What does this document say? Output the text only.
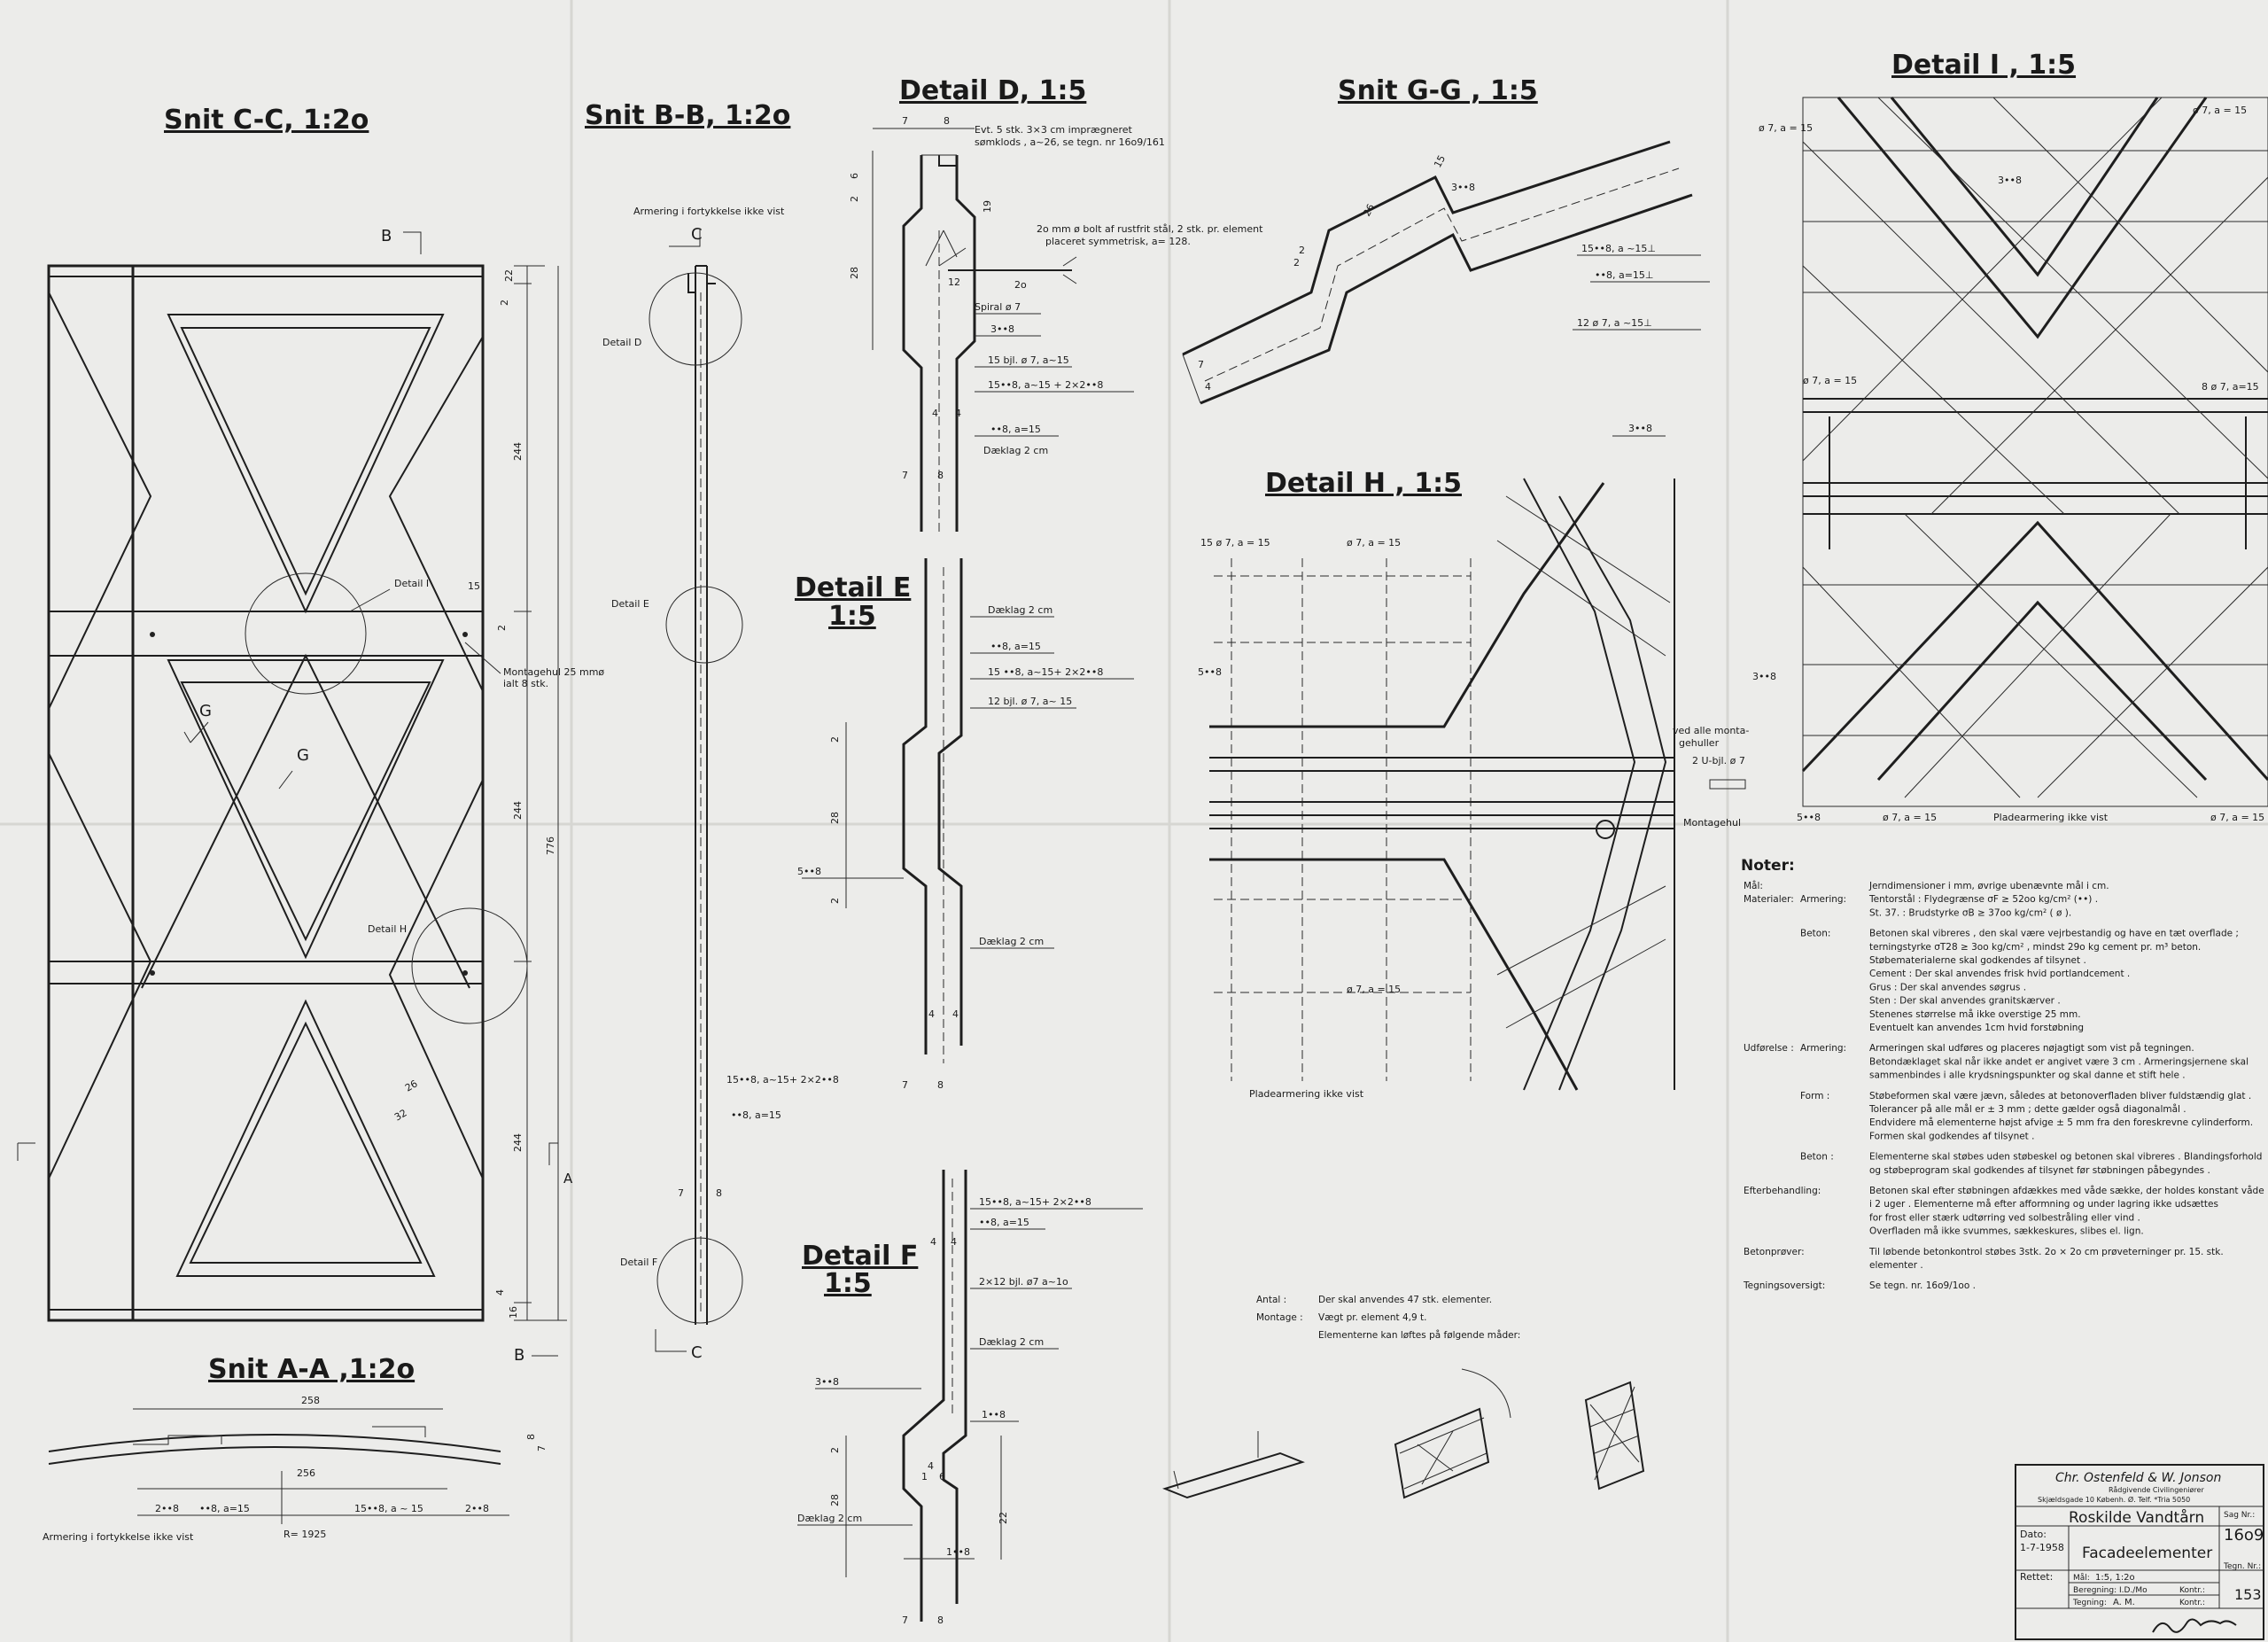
Snit C-C, 1:2o
B
Detail I
Detail H
Montagehul 25 mmø
ialt 8 stk.
G
G
A
22
2
244
15
2
244
776
244
4
16
26
32
B
Snit A-A ,1:2o
258
256
2••8 ••8, a=15	15••8, a ~ 15	2••8
Armering i fortykkelse ikke vist	R= 1925
8
7
Snit B-B, 1:2o
Armering i fortykkelse ikke vist
C
Detail D
Detail E
Detail F
15••8, a~15+ 2×2••8
••8, a=15
7	8
C
Detail D, 1:5
Evt. 5 stk. 3×3 cm imprægneret
sømklods , a~26, se tegn. nr 16o9/161
2o mm ø bolt af rustfrit stål, 2 stk. pr. element
placeret symmetrisk, a= 128.
Spiral ø 7
3••8
15 bjl. ø 7, a~15
15••8, a~15 + 2×2••8
••8, a=15
Dæklag 2 cm
7	8
6
2
28
19
12	2o
4 4
7	8
Detail E
1:5	Dæklag 2 cm
••8, a=15
15 ••8, a~15+ 2×2••8
12 bjl. ø 7, a~ 15
5••8
Dæklag 2 cm
2
28
2
4 4
7	8
Detail F
1:5
15••8, a~15+ 2×2••8
••8, a=15
2×12 bjl. ø7 a~1o
Dæklag 2 cm
3••8
1••8
Dæklag 2 cm
1••8
4 4
4
1 6
28
2
22
7	8
Snit G-G , 1:5
3••8
15••8, a ~15⊥
••8, a=15⊥
12 ø 7, a ~15⊥
26
15
2
4
7
2
Detail H , 1:5
15 ø 7, a = 15	ø 7, a = 15
3••8
5••8
ø 7, a = 15
ved alle monta-
gehuller
2 U-bjl. ø 7
Montagehul
Pladearmering ikke vist
Detail I , 1:5
ø 7, a = 15
ø 7, a = 15
3••8
ø 7, a = 15
8 ø 7, a=15
3••8
5••8	ø 7, a = 15	Pladearmering ikke vist	ø 7, a = 15
Antal :	Der skal anvendes 47 stk. elementer.
Montage : Vægt pr. element 4,9 t.
Elementerne kan løftes på følgende måder:
Noter:
Mål:	Jerndimensioner i mm, øvrige ubenævnte mål i cm.
Materialer: Armering: Tentorstål : Flydegrænse σF ≥ 52oo kg/cm² (••) .
St. 37. : Brudstyrke σB ≥ 37oo kg/cm² ( ø ).
Beton:	Betonen skal vibreres , den skal være vejrbestandig og have en tæt overflade ;
terningstyrke σT28 ≥ 3oo kg/cm² , mindst 29o kg cement pr. m³ beton.
Støbematerialerne skal godkendes af tilsynet .
Cement : Der skal anvendes frisk hvid portlandcement .
Grus : Der skal anvendes søgrus .
Sten : Der skal anvendes granitskærver .
Stenenes størrelse må ikke overstige 25 mm.
Eventuelt kan anvendes 1cm hvid forstøbning
Udførelse : Armering: Armeringen skal udføres og placeres nøjagtigt som vist på tegningen.
Betondæklaget skal når ikke andet er angivet være 3 cm . Armeringsjernene skal
sammenbindes i alle krydsningspunkter og skal danne et stift hele .
Form :	Støbeformen skal være jævn, således at betonoverfladen bliver fuldstændig glat .
Tolerancer på alle mål er ± 3 mm ; dette gælder også diagonalmål .
Endvidere må elementerne højst afvige ± 5 mm fra den foreskrevne cylinderform.
Formen skal godkendes af tilsynet .
Beton :	Elementerne skal støbes uden støbeskel og betonen skal vibreres . Blandingsforhold
og støbeprogram skal godkendes af tilsynet før støbningen påbegyndes .
Efterbehandling:	Betonen skal efter støbningen afdækkes med våde sække, der holdes konstant våde
i 2 uger . Elementerne må efter afformning og under lagring ikke udsættes
for frost eller stærk udtørring ved solbestråling eller vind .
Overfladen må ikke svummes, sækkeskures, slibes el. lign.
Betonprøver:	Til løbende betonkontrol støbes 3stk. 2o × 2o cm prøveterninger pr. 15. stk.
elementer .
Tegningsoversigt:	Se tegn. nr. 16o9/1oo .
Chr. Ostenfeld & W. Jonson
Rådgivende Civilingeniører
Skjældsgade 10 Københ. Ø. Telf. *Tria 5050
Roskilde Vandtårn
Dato:
1-7-1958
Rettet:
Facadeelementer
Mål: 1:5, 1:2o
Beregning: I.D./Mo	Kontr.:
Tegning: A. M.	Kontr.:
Sag Nr.:
16o9
Tegn. Nr.:
153
